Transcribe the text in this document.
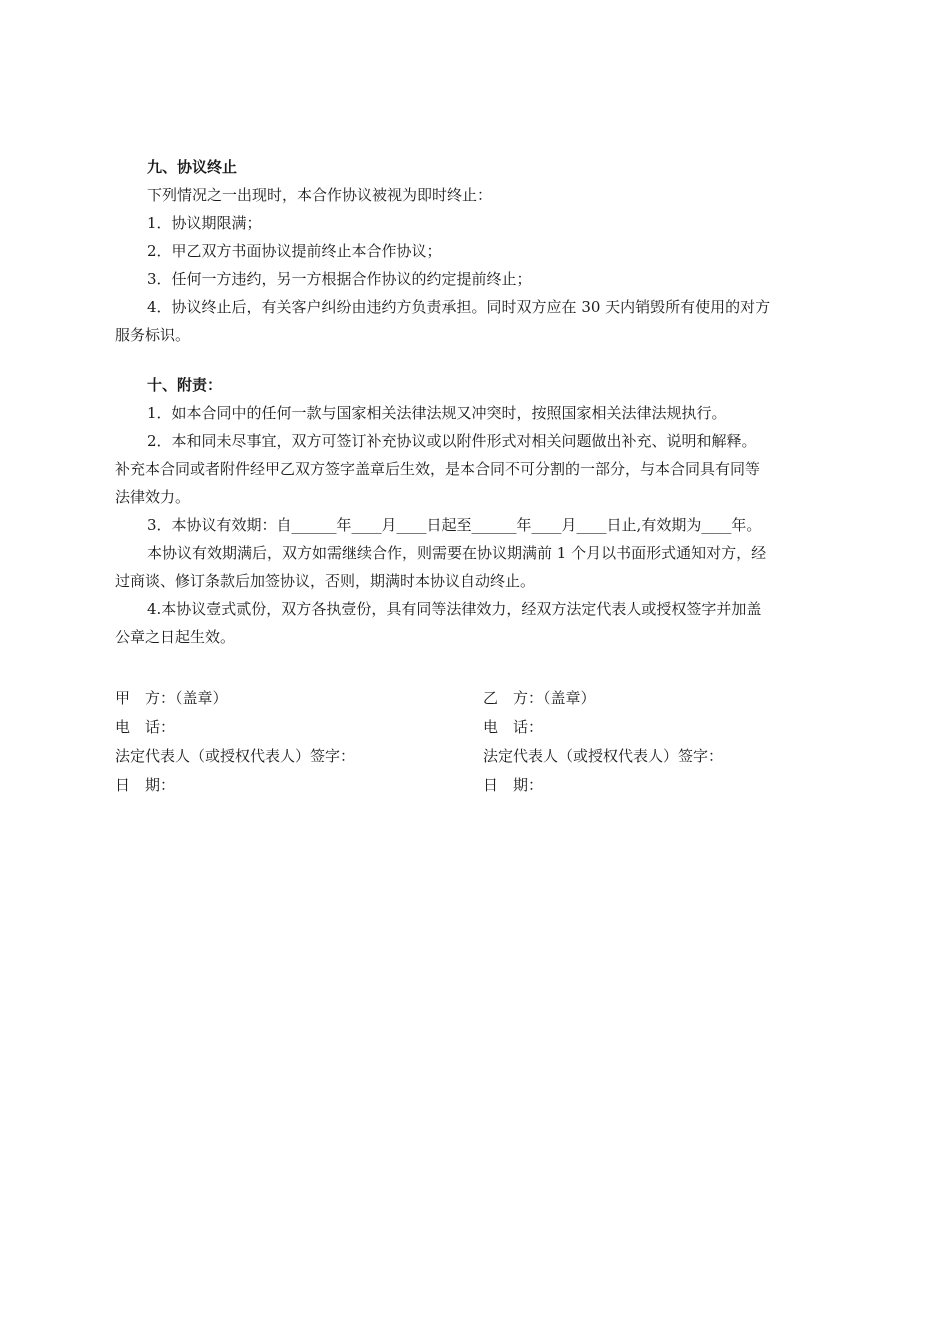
九、协议终止

下列情况之一出现时，本合作协议被视为即时终止：

1．协议期限满；

2．甲乙双方书面协议提前终止本合作协议；

3．任何一方违约，另一方根据合作协议的约定提前终止；

4．协议终止后，有关客户纠纷由违约方负责承担。同时双方应在 30 天内销毁所有使用的对方

服务标识。

十、附责：

1．如本合同中的任何一款与国家相关法律法规又冲突时，按照国家相关法律法规执行。

2．本和同未尽事宜，双方可签订补充协议或以附件形式对相关问题做出补充、说明和解释。

补充本合同或者附件经甲乙双方签字盖章后生效，是本合同不可分割的一部分，与本合同具有同等

法律效力。

3．本协议有效期：自______年____月____日起至______年____月____日止,有效期为____年。

本协议有效期满后，双方如需继续合作，则需要在协议期满前 1 个月以书面形式通知对方，经

过商谈、修订条款后加签协议，否则，期满时本协议自动终止。

4.本协议壹式贰份，双方各执壹份，具有同等法律效力，经双方法定代表人或授权签字并加盖

公章之日起生效。

甲　方：（盖章）	乙　方：（盖章）
电　话：	电　话：
法定代表人（或授权代表人）签字：	法定代表人（或授权代表人）签字：
日　期：	日　期：
